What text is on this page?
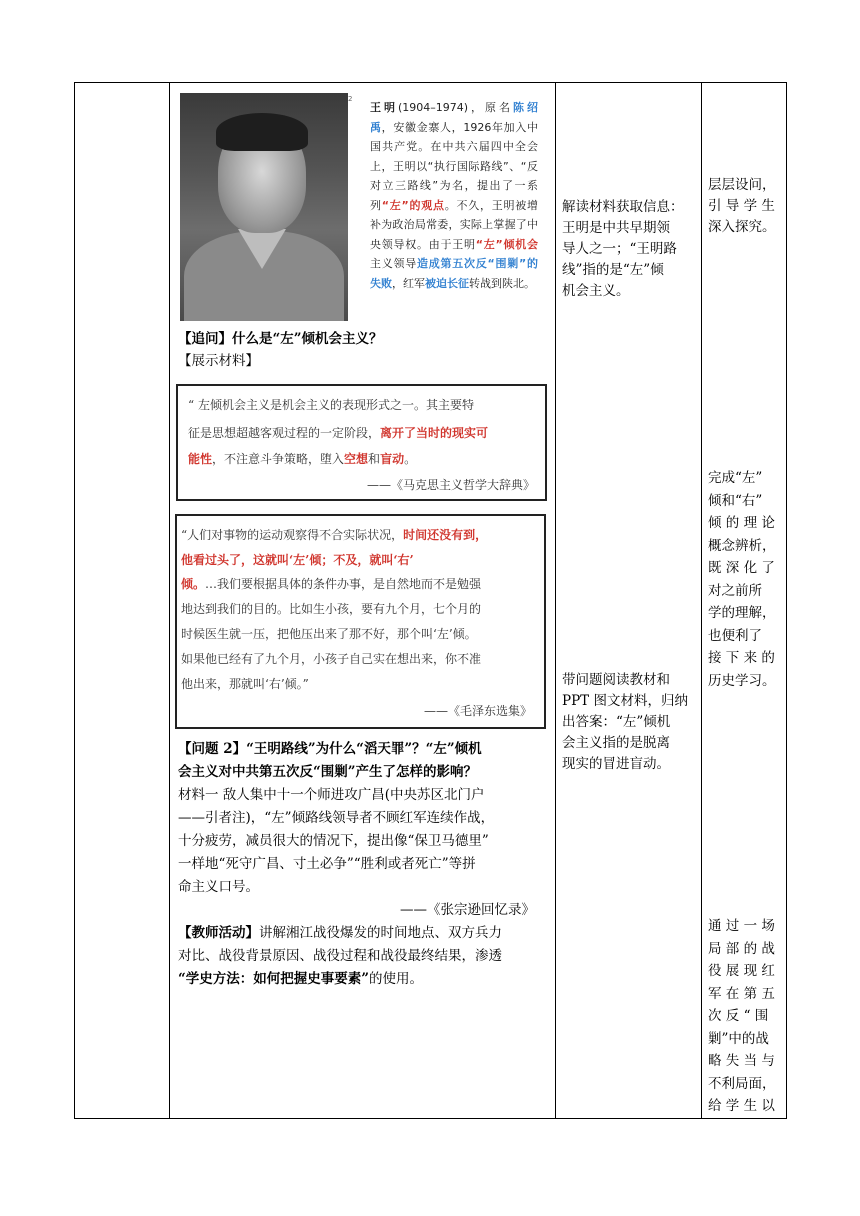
2
王明(1904–1974)，原名陈绍禹，安徽金寨人，1926年加入中国共产党。在中共六届四中全会上，王明以“执行国际路线”、“反对立三路线”为名，提出了一系列“左”的观点。不久，王明被增补为政治局常委，实际上掌握了中央领导权。由于王明“左”倾机会主义领导造成第五次反“围剿”的失败，红军被迫长征转战到陕北。
【追问】什么是“左”倾机会主义？
【展示材料】
“ 左倾机会主义是机会主义的表现形式之一。其主要特
征是思想超越客观过程的一定阶段，离开了当时的现实可
能性，不注意斗争策略，堕入空想和盲动。
——《马克思主义哲学大辞典》
“人们对事物的运动观察得不合实际状况，时间还没有到，
他看过头了，这就叫‘左’倾；不及，就叫‘右’
倾。…我们要根据具体的条件办事，是自然地而不是勉强
地达到我们的目的。比如生小孩，要有九个月，七个月的
时候医生就一压，把他压出来了那不好，那个叫‘左’倾。
如果他已经有了九个月，小孩子自己实在想出来，你不准
他出来，那就叫‘右’倾。”
——《毛泽东选集》
【问题 2】“王明路线”为什么“滔天罪”？“左”倾机
会主义对中共第五次反“围剿”产生了怎样的影响？
材料一 敌人集中十一个师进攻广昌(中央苏区北门户
——引者注)，“左”倾路线领导者不顾红军连续作战，
十分疲劳，减员很大的情况下，提出像“保卫马德里”
一样地“死守广昌、寸土必争”“胜利或者死亡”等拼
命主义口号。
——《张宗逊回忆录》
【教师活动】讲解湘江战役爆发的时间地点、双方兵力
对比、战役背景原因、战役过程和战役最终结果，渗透
“学史方法：如何把握史事要素”的使用。
解读材料获取信息：
王明是中共早期领
导人之一；“王明路
线”指的是“左”倾
机会主义。
带问题阅读教材和
PPT 图文材料，归纳
出答案：“左”倾机
会主义指的是脱离
现实的冒进盲动。
层层设问，
引 导 学 生
深入探究。
完成“左”
倾和“右”
倾 的 理 论
概念辨析，
既 深 化 了
对之前所
学的理解，
也便利了
接 下 来 的
历史学习。
通 过 一 场
局 部 的 战
役 展 现 红
军 在 第 五
次 反 “ 围
剿”中的战
略 失 当 与
不利局面，
给 学 生 以
